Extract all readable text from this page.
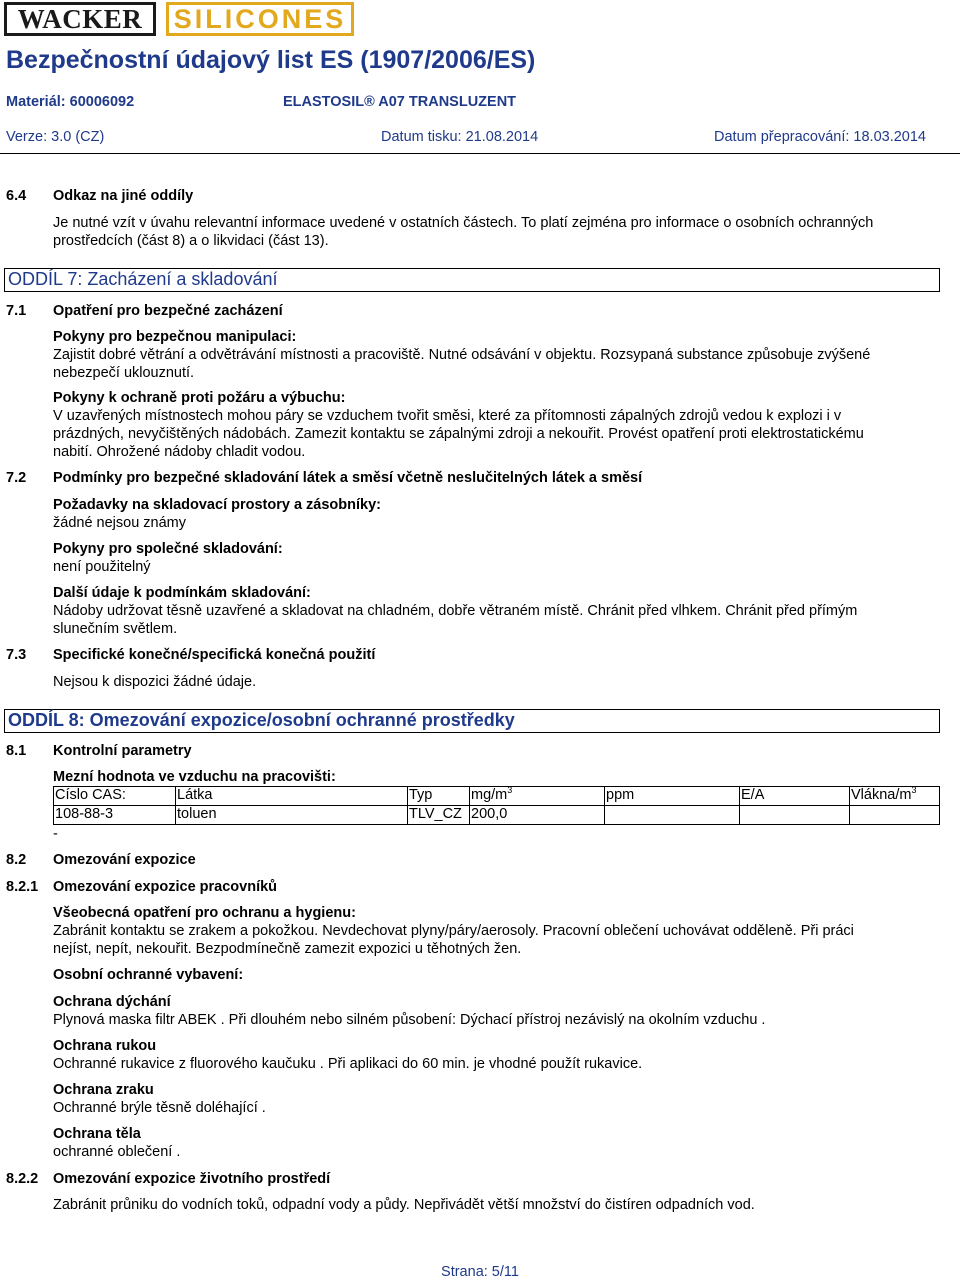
WACKER	SILICONES
Bezpečnostní údajový list ES (1907/2006/ES)
Materiál: 60006092	ELASTOSIL® A07 TRANSLUZENT
Verze: 3.0 (CZ)	Datum tisku: 21.08.2014	Datum přepracování: 18.03.2014
6.4 Odkaz na jiné oddíly
Je nutné vzít v úvahu relevantní informace uvedené v ostatních částech. To platí zejména pro informace o osobních ochranných
prostředcích (část 8) a o likvidaci (část 13).
ODDÍL 7: Zacházení a skladování
7.1 Opatření pro bezpečné zacházení
Pokyny pro bezpečnou manipulaci:
Zajistit dobré větrání a odvětrávání místnosti a pracoviště. Nutné odsávání v objektu. Rozsypaná substance způsobuje zvýšené
nebezpečí uklouznutí.
Pokyny k ochraně proti požáru a výbuchu:
V uzavřených místnostech mohou páry se vzduchem tvořit směsi, které za přítomnosti zápalných zdrojů vedou k explozi i v
prázdných, nevyčištěných nádobách. Zamezit kontaktu se zápalnými zdroji a nekouřit. Provést opatření proti elektrostatickému
nabití. Ohrožené nádoby chladit vodou.
7.2 Podmínky pro bezpečné skladování látek a směsí včetně neslučitelných látek a směsí
Požadavky na skladovací prostory a zásobníky:
žádné nejsou známy
Pokyny pro společné skladování:
není použitelný
Další údaje k podmínkám skladování:
Nádoby udržovat těsně uzavřené a skladovat na chladném, dobře větraném místě. Chránit před vlhkem. Chránit před přímým
slunečním světlem.
7.3 Specifické konečné/specifická konečná použití
Nejsou k dispozici žádné údaje.
ODDÍL 8: Omezování expozice/osobní ochranné prostředky
8.1 Kontrolní parametry
Mezní hodnota ve vzduchu na pracovišti:
Císlo CAS:	Látka	Typ	$mg/m^3$	ppm	E/A	Vlákna/$m^3$
108-88-3	toluen	TLV_CZ	200,0			
-
8.2 Omezování expozice
8.2.1 Omezování expozice pracovníků
Všeobecná opatření pro ochranu a hygienu:
Zabránit kontaktu se zrakem a pokožkou. Nevdechovat plyny/páry/aerosoly. Pracovní oblečení uchovávat odděleně. Při práci
nejíst, nepít, nekouřit. Bezpodmínečně zamezit expozici u těhotných žen.
Osobní ochranné vybavení:
Ochrana dýchání
Plynová maska filtr ABEK . Při dlouhém nebo silném působení: Dýchací přístroj nezávislý na okolním vzduchu .
Ochrana rukou
Ochranné rukavice z fluorového kaučuku . Při aplikaci do 60 min. je vhodné použít rukavice.
Ochrana zraku
Ochranné brýle těsně doléhající .
Ochrana těla
ochranné oblečení .
8.2.2 Omezování expozice životního prostředí
Zabránit průniku do vodních toků, odpadní vody a půdy. Nepřivádět větší množství do čistíren odpadních vod.
Strana: 5/11
